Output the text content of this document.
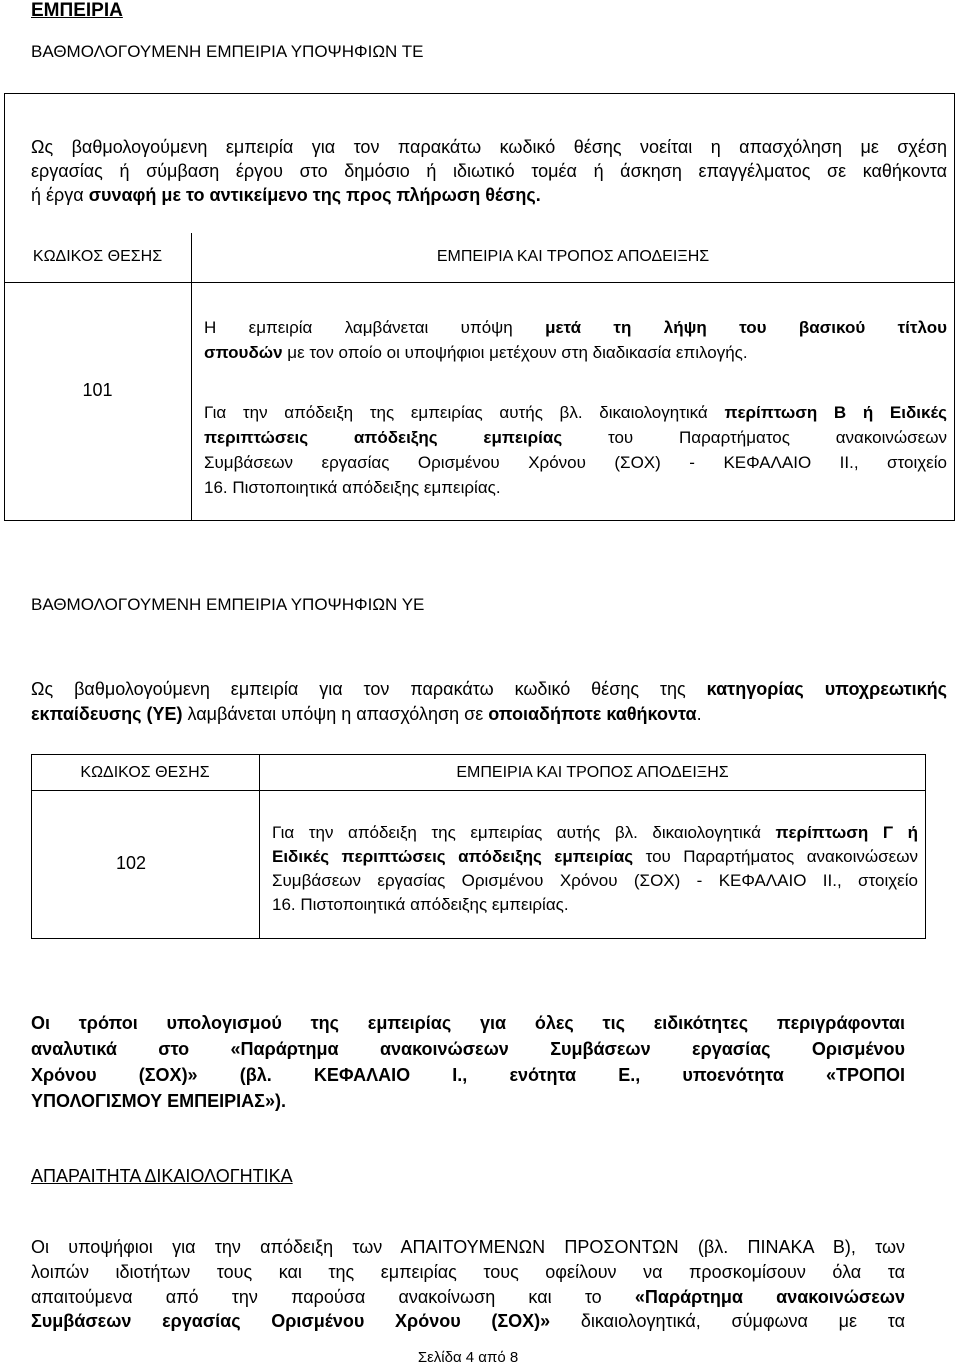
ΕΜΠΕΙΡΙΑ
ΒΑΘΜΟΛΟΓΟΥΜΕΝΗ ΕΜΠΕΙΡΙΑ ΥΠΟΨΗΦΙΩΝ ΤΕ
Ως βαθμολογούμενη εμπειρία για τον παρακάτω κωδικό θέσης νοείται η απασχόληση με σχέση
εργασίας ή σύμβαση έργου στο δημόσιο ή ιδιωτικό τομέα ή άσκηση επαγγέλματος σε καθήκοντα
ή έργα συναφή με το αντικείμενο της προς πλήρωση θέσης.
ΚΩΔΙΚΟΣ ΘΕΣΗΣ	ΕΜΠΕΙΡΙΑ ΚΑΙ ΤΡΟΠΟΣ ΑΠΟΔΕΙΞΗΣ
101
Η εμπειρία λαμβάνεται υπόψη μετά τη λήψη του βασικού τίτλου
σπουδών με τον οποίο οι υποψήφιοι μετέχουν στη διαδικασία επιλογής.
Για την απόδειξη της εμπειρίας αυτής βλ. δικαιολογητικά περίπτωση Β ή Ειδικές
περιπτώσεις απόδειξης εμπειρίας του Παραρτήματος ανακοινώσεων
Συμβάσεων εργασίας Ορισμένου Χρόνου (ΣΟΧ) - ΚΕΦΑΛΑΙΟ ΙΙ., στοιχείο
16. Πιστοποιητικά απόδειξης εμπειρίας.
ΒΑΘΜΟΛΟΓΟΥΜΕΝΗ ΕΜΠΕΙΡΙΑ ΥΠΟΨΗΦΙΩΝ ΥΕ
Ως βαθμολογούμενη εμπειρία για τον παρακάτω κωδικό θέσης της κατηγορίας υποχρεωτικής
εκπαίδευσης (ΥΕ) λαμβάνεται υπόψη η απασχόληση σε οποιαδήποτε καθήκοντα.
ΚΩΔΙΚΟΣ ΘΕΣΗΣ	ΕΜΠΕΙΡΙΑ ΚΑΙ ΤΡΟΠΟΣ ΑΠΟΔΕΙΞΗΣ
102
Για την απόδειξη της εμπειρίας αυτής βλ. δικαιολογητικά περίπτωση Γ ή
Ειδικές περιπτώσεις απόδειξης εμπειρίας του Παραρτήματος ανακοινώσεων
Συμβάσεων εργασίας Ορισμένου Χρόνου (ΣΟΧ) - ΚΕΦΑΛΑΙΟ ΙΙ., στοιχείο
16. Πιστοποιητικά απόδειξης εμπειρίας.
Οι τρόποι υπολογισμού της εμπειρίας για όλες τις ειδικότητες περιγράφονται
αναλυτικά στο «Παράρτημα ανακοινώσεων Συμβάσεων εργασίας Ορισμένου
Χρόνου (ΣΟΧ)» (βλ. ΚΕΦΑΛΑΙΟ Ι., ενότητα Ε., υποενότητα «ΤΡΟΠΟΙ
ΥΠΟΛΟΓΙΣΜΟΥ ΕΜΠΕΙΡΙΑΣ»).
ΑΠΑΡΑΙΤΗΤΑ ΔΙΚΑΙΟΛΟΓΗΤΙΚΑ
Οι υποψήφιοι για την απόδειξη των ΑΠΑΙΤΟΥΜΕΝΩΝ ΠΡΟΣΟΝΤΩΝ (βλ. ΠΙΝΑΚΑ Β), των
λοιπών ιδιοτήτων τους και της εμπειρίας τους οφείλουν να προσκομίσουν όλα τα
απαιτούμενα από την παρούσα ανακοίνωση και το «Παράρτημα ανακοινώσεων
Συμβάσεων εργασίας Ορισμένου Χρόνου (ΣΟΧ)» δικαιολογητικά, σύμφωνα με τα
Σελίδα 4 από 8
